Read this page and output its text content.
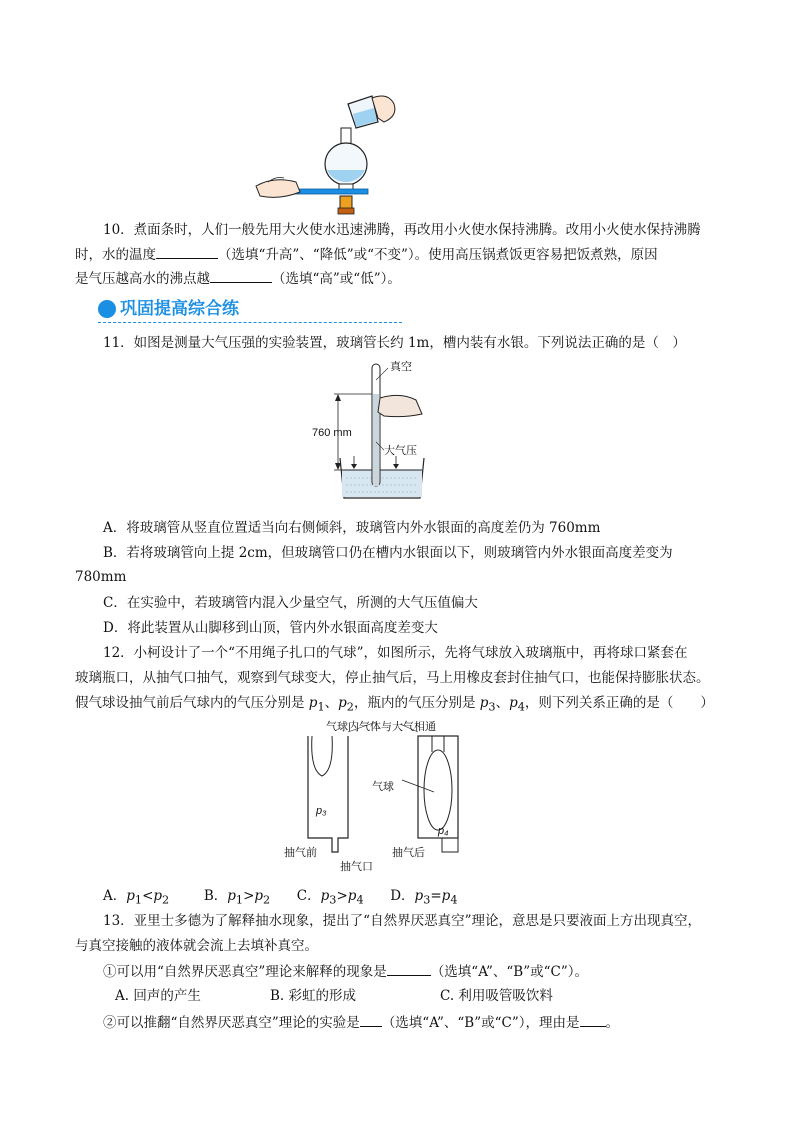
10．煮面条时，人们一般先用大火使水迅速沸腾，再改用小火使水保持沸腾。改用小火使水保持沸腾
时，水的温度	（选填“升高”、“降低”或“不变”）。使用高压锅煮饭更容易把饭煮熟，原因
是气压越高水的沸点越	（选填“高”或“低”）。
巩固提高综合练
11．如图是测量大气压强的实验装置，玻璃管长约 1m，槽内装有水银。下列说法正确的是（　）
真空
760 mm
大气压
A．将玻璃管从竖直位置适当向右侧倾斜，玻璃管内外水银面的高度差仍为 760mm
B．若将玻璃管向上提 2cm，但玻璃管口仍在槽内水银面以下，则玻璃管内外水银面高度差变为
780mm
C．在实验中，若玻璃管内混入少量空气，所测的大气压值偏大
D．将此装置从山脚移到山顶，管内外水银面高度差变大
12．小柯设计了一个“不用绳子扎口的气球”，如图所示，先将气球放入玻璃瓶中，再将球口紧套在
玻璃瓶口，从抽气口抽气，观察到气球变大，停止抽气后，马上用橡皮套封住抽气口，也能保持膨胀状态。
假气球设抽气前后气球内的气压分别是 $p_1$、$p_2$，瓶内的气压分别是 $p_3$、$p_4$，则下列关系正确的是（　　）
气球内气体与大气相通
气球
p₃
p₄
抽气前	抽气后
抽气口
A．$p_1<p_2$	B．$p_1>p_2$ C．$p_3>p_4$ D．$p_3=p_4$
13．亚里士多德为了解释抽水现象，提出了“自然界厌恶真空”理论，意思是只要液面上方出现真空，
与真空接触的液体就会流上去填补真空。
①可以用“自然界厌恶真空”理论来解释的现象是	（选填“A”、“B”或“C”）。
A. 回声的产生	B. 彩虹的形成	C. 利用吸管吸饮料
②可以推翻“自然界厌恶真空”理论的实验是 （选填“A”、“B”或“C”），理由是 。
